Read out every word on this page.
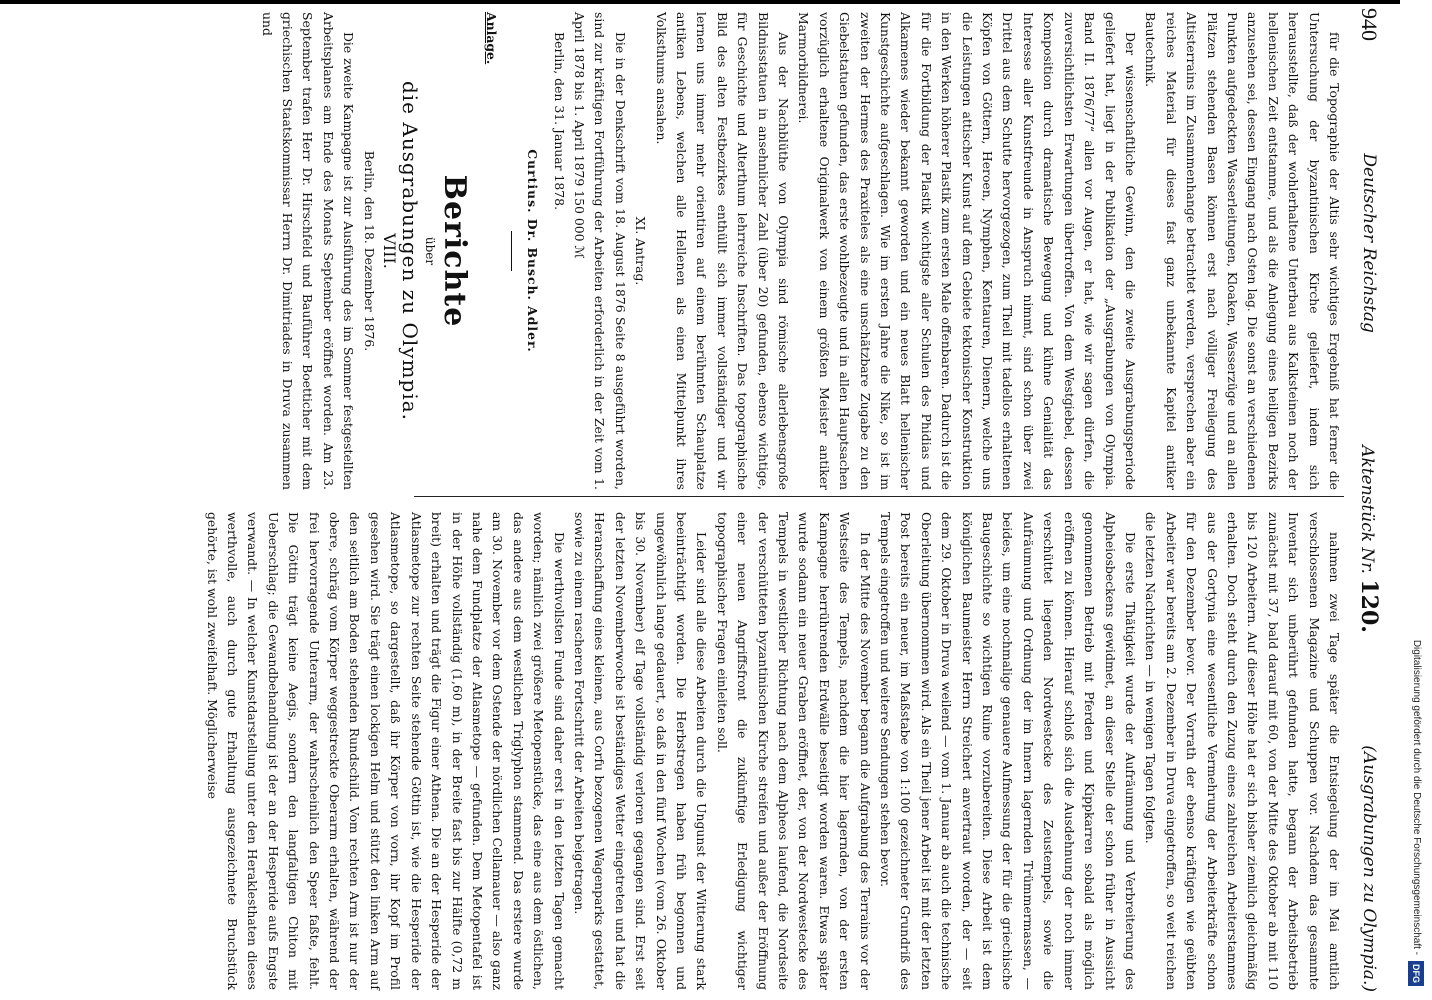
940
Deutscher Reichstag
Aktenstück Nr. 120.
(Ausgrabungen zu Olympia.)

für die Topographie der Altis sehr wichtiges Ergebniß hat ferner die Untersuchung der byzantinischen Kirche geliefert, indem sich herausstellte, daß der wohlerhaltene Unterbau aus Kalksteinen noch der hellenischen Zeit entstamme, und als die Anlegung eines heiligen Bezirks anzusehen sei, dessen Eingang nach Osten lag. Die sonst an verschiedenen Punkten aufgedeckten Wasserleitungen, Kloaken, Wasserzüge und an allen Plätzen stehenden Basen können erst nach völliger Freilegung des Altisterrains im Zusammenhange betrachtet werden, versprechen aber ein reiches Material für dieses fast ganz unbekannte Kapitel antiker Bautechnik.

Der wissenschaftliche Gewinn, den die zweite Ausgrabungsperiode geliefert hat, liegt in der Publikation der „Ausgrabungen von Olympia. Band II. 1876/77“ allen vor Augen, er hat, wie wir sagen dürfen, die zuversichtlichsten Erwartungen übertroffen. Von dem Westgiebel, dessen Komposition durch dramatische Bewegung und kühne Genialität das Interesse aller Kunstfreunde in Anspruch nimmt, sind schon über zwei Drittel aus dem Schutte hervorgezogen, zum Theil mit tadellos erhaltenen Köpfen von Göttern, Heroen, Nymphen, Kentauren, Dienern, welche uns die Leistungen attischer Kunst auf dem Gebiete tektonischer Konstruktion in den Werken höherer Plastik zum ersten Male offenbaren. Dadurch ist die für die Fortbildung der Plastik wichtigste aller Schulen des Phidias und Alkamenes wieder bekannt geworden und ein neues Blatt hellenischer Kunstgeschichte aufgeschlagen. Wie im ersten Jahre die Nike, so ist im zweiten der Hermes des Praxiteles als eine unschätzbare Zugabe zu den Giebelstatuen gefunden, das erste wohlbezeugte und in allen Hauptsachen vorzüglich erhaltene Originalwerk von einem größten Meister antiker Marmorbildnerei.

Aus der Nachblüthe von Olympia sind römische allerlebensgroße Bildnisstatuen in ansehnlicher Zahl (über 20) gefunden, ebenso wichtige, für Geschichte und Alterthum lehrreiche Inschriften. Das topographische Bild des alten Festbezirkes enthüllt sich immer vollständiger und wir lernen uns immer mehr orientiren auf einem berühmten Schauplatze antiken Lebens, welchen alle Hellenen als einen Mittelpunkt ihres Volksthums ansahen.

XI. Antrag.

Die in der Denkschrift vom 18. August 1876 Seite 8 ausgeführt worden, sind zur kräftigen Fortführung der Arbeiten erforderlich in der Zeit vom 1. April 1878 bis 1. April 1879 150 000 ℳ

Berlin, den 31. Januar 1878.

Curtius. Dr. Busch. Adler.

Anlage.

Berichte

über

die Ausgrabungen zu Olympia.

VIII.

Berlin, den 18. Dezember 1876.

Die zweite Kampagne ist zur Ausführung des im Sommer festgestellten Arbeitsplanes am Ende des Monats September eröffnet worden. Am 23. September trafen Herr Dr. Hirschfeld und Bauführer Boetticher mit dem griechischen Staatskommissar Herrn Dr. Dimitriades in Druva zusammen und

nahmen zwei Tage später die Entsiegelung der im Mai amtlich verschlossenen Magazine und Schuppen vor. Nachdem das gesammte Inventar sich unberührt gefunden hatte, begann der Arbeitsbetrieb zunächst mit 37, bald darauf mit 60, von der Mitte des Oktober ab mit 110 bis 120 Arbeitern. Auf dieser Höhe hat er sich bisher ziemlich gleichmäßig erhalten. Doch steht durch den Zuzug eines zahlreichen Arbeiterstammes aus der Gortynia eine wesentliche Vermehrung der Arbeiterkräfte schon für den Dezember bevor. Der Vorrath der ebenso kräftigen wie geübten Arbeiter war bereits am 2. Dezember in Druva eingetroffen, so weit reichen die letzten Nachrichten — in wenigen Tagen folgten.

Die erste Thätigkeit wurde der Aufräumung und Verbreiterung des Alpheiosbeckens gewidmet, an dieser Stelle der schon früher in Aussicht genommenen Betrieb mit Pferden und Kippkarren sobald als möglich eröffnen zu können. Hierauf schloß sich die Ausdehnung der noch immer verschüttet liegenden Nordwestecke des Zeustempels, sowie die Aufräumung und Ordnung der im Innern lagernden Trümmermassen, — beides, um eine nochmalige genauere Aufmessung der für die griechische Baugeschichte so wichtigen Ruine vorzubereiten. Diese Arbeit ist dem königlichen Baumeister Herrn Streichert anvertraut worden, der — seit dem 29. Oktober in Druva weilend — vom 1. Januar ab auch die technische Oberleitung übernommen wird. Als ein Theil jener Arbeit ist mit der letzten Post bereits ein neuer, im Maßstabe von 1:100 gezeichneter Grundriß des Tempels eingetroffen und weitere Sendungen stehen bevor.

In der Mitte des November begann die Aufgrabung des Terrains vor der Westseite des Tempels, nachdem die hier lagernden, von der ersten Kampagne herrührenden Erdwälle beseitigt worden waren. Etwas später wurde sodann ein neuer Graben eröffnet, der, von der Nordwestecke des Tempels in westlicher Richtung nach dem Alpheos laufend, die Nordseite der verschütteten byzantinischen Kirche streifen und außer der Eröffnung einer neuen Angriffsfront die zukünftige Erledigung wichtiger topographischer Fragen einleiten soll.

Leider sind alle diese Arbeiten durch die Ungunst der Witterung stark beeinträchtigt worden. Die Herbstregen haben früh begonnen und ungewöhnlich lange gedauert, so daß in den fünf Wochen (vom 26. Oktober bis 30. November) elf Tage vollständig verloren gegangen sind. Erst seit der letzten Novemberwoche ist beständiges Wetter eingetreten und hat die Heranschaffung eines kleinen, aus Corfu bezogenen Wagenparks gestattet, sowie zu einem rascheren Fortschritt der Arbeiten beigetragen.

Die werthvollsten Funde sind daher erst in den letzten Tagen gemacht worden; nämlich zwei größere Metopenstücke, das eine aus dem östlichen, das andere aus dem westlichen Triglyphon stammend. Das erstere wurde am 30. November vor dem Ostende der nördlichen Cellamauer — also ganz nahe dem Fundplatze der Atlasmetope — gefunden. Dem Metopentafel ist in der Höhe vollständig (1,60 m), in der Breite fast bis zur Hälfte (0,72 m breit) erhalten und trägt die Figur einer Athena. Die an der Hesperide der Atlasmetope zur rechten Seite stehende Göttin ist, wie die Hesperide der Atlasmetope, so dargestellt, daß ihr Körper von vorn, ihr Kopf im Profil gesehen wird. Sie trägt einen lockigen Helm und stützt den linken Arm auf den seitlich am Boden stehenden Rundschild. Vom rechten Arm ist nur der obere, schräg vom Körper weggestreckte Oberarm erhalten, während der frei hervorragende Unterarm, der wahrscheinlich den Speer faßte, fehlt. Die Göttin trägt keine Aegis, sondern den langfaltigen Chiton mit Ueberschlag; die Gewandbehandlung ist der an der Hesperide aufs Engste verwandt. — In welcher Kunstdarstellung unter den Heraklesthaten dieses werthvolle, auch durch gute Erhaltung ausgezeichnete Bruchstück gehörte, ist wohl zweifelhaft. Möglicherweise	Digitalisierung gefördert durch die Deutsche Forschungsgemeinschaft -
DFG
